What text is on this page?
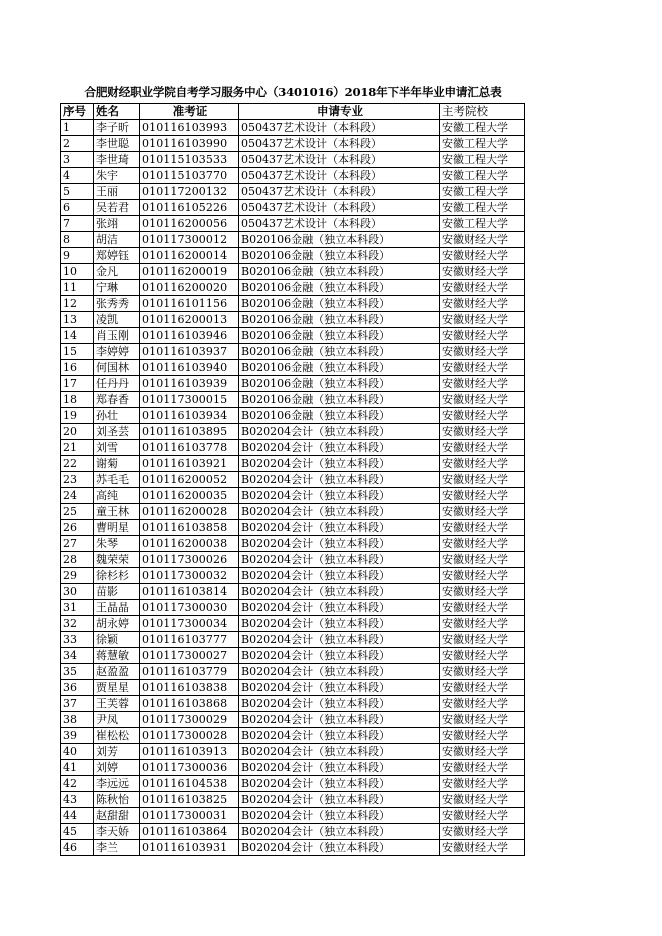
合肥财经职业学院自考学习服务中心（3401016）2018年下半年毕业申请汇总表
序号	姓名	准考证	申请专业	主考院校
1	李子昕	010116103993	050437艺术设计（本科段）	安徽工程大学
2	李世聪	010116103990	050437艺术设计（本科段）	安徽工程大学
3	李世琦	010115103533	050437艺术设计（本科段）	安徽工程大学
4	朱宇	010115103770	050437艺术设计（本科段）	安徽工程大学
5	王丽	010117200132	050437艺术设计（本科段）	安徽工程大学
6	吴若君	010116105226	050437艺术设计（本科段）	安徽工程大学
7	张翊	010116200056	050437艺术设计（本科段）	安徽工程大学
8	胡洁	010117300012	B020106金融（独立本科段）	安徽财经大学
9	郑婷钰	010116200014	B020106金融（独立本科段）	安徽财经大学
10	金凡	010116200019	B020106金融（独立本科段）	安徽财经大学
11	宁琳	010116200020	B020106金融（独立本科段）	安徽财经大学
12	张秀秀	010116101156	B020106金融（独立本科段）	安徽财经大学
13	凌凯	010116200013	B020106金融（独立本科段）	安徽财经大学
14	肖玉刚	010116103946	B020106金融（独立本科段）	安徽财经大学
15	李婷婷	010116103937	B020106金融（独立本科段）	安徽财经大学
16	何国林	010116103940	B020106金融（独立本科段）	安徽财经大学
17	任丹丹	010116103939	B020106金融（独立本科段）	安徽财经大学
18	郑春香	010117300015	B020106金融（独立本科段）	安徽财经大学
19	孙壮	010116103934	B020106金融（独立本科段）	安徽财经大学
20	刘圣芸	010116103895	B020204会计（独立本科段）	安徽财经大学
21	刘雪	010116103778	B020204会计（独立本科段）	安徽财经大学
22	谢菊	010116103921	B020204会计（独立本科段）	安徽财经大学
23	苏毛毛	010116200052	B020204会计（独立本科段）	安徽财经大学
24	高纯	010116200035	B020204会计（独立本科段）	安徽财经大学
25	童王林	010116200028	B020204会计（独立本科段）	安徽财经大学
26	曹明星	010116103858	B020204会计（独立本科段）	安徽财经大学
27	朱琴	010116200038	B020204会计（独立本科段）	安徽财经大学
28	魏荣荣	010117300026	B020204会计（独立本科段）	安徽财经大学
29	徐杉杉	010117300032	B020204会计（独立本科段）	安徽财经大学
30	苗影	010116103814	B020204会计（独立本科段）	安徽财经大学
31	王晶晶	010117300030	B020204会计（独立本科段）	安徽财经大学
32	胡永婷	010117300034	B020204会计（独立本科段）	安徽财经大学
33	徐颖	010116103777	B020204会计（独立本科段）	安徽财经大学
34	蒋慧敏	010117300027	B020204会计（独立本科段）	安徽财经大学
35	赵盈盈	010116103779	B020204会计（独立本科段）	安徽财经大学
36	贾星星	010116103838	B020204会计（独立本科段）	安徽财经大学
37	王芙蓉	010116103868	B020204会计（独立本科段）	安徽财经大学
38	尹凤	010117300029	B020204会计（独立本科段）	安徽财经大学
39	崔松松	010117300028	B020204会计（独立本科段）	安徽财经大学
40	刘芳	010116103913	B020204会计（独立本科段）	安徽财经大学
41	刘婷	010117300036	B020204会计（独立本科段）	安徽财经大学
42	李远远	010116104538	B020204会计（独立本科段）	安徽财经大学
43	陈秋怡	010116103825	B020204会计（独立本科段）	安徽财经大学
44	赵甜甜	010117300031	B020204会计（独立本科段）	安徽财经大学
45	李天娇	010116103864	B020204会计（独立本科段）	安徽财经大学
46	李兰	010116103931	B020204会计（独立本科段）	安徽财经大学
